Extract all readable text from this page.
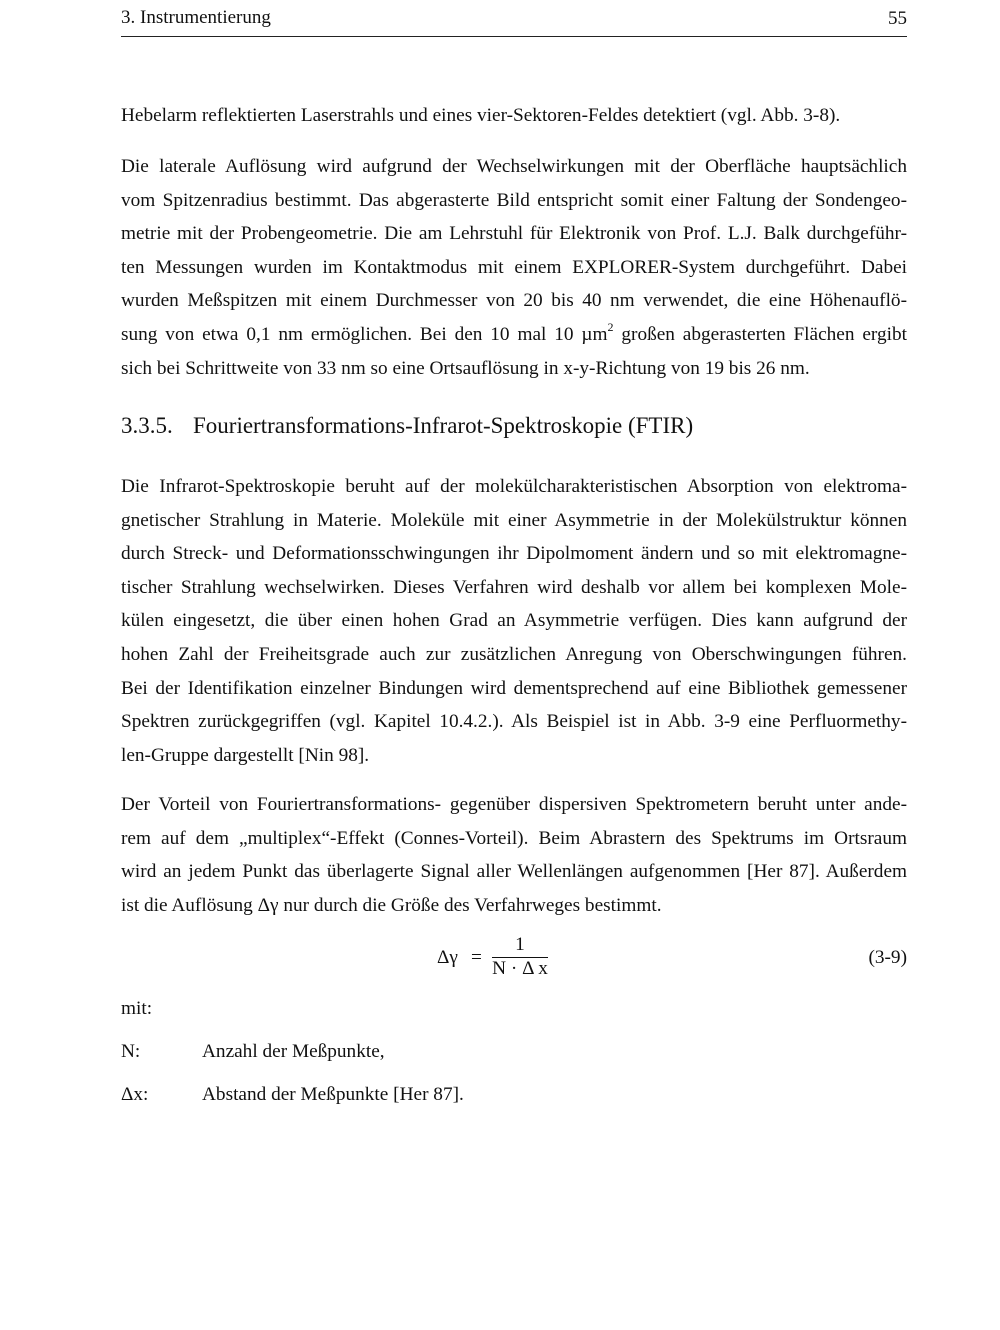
3. Instrumentierung	55

Hebelarm reflektierten Laserstrahls und eines vier-Sektoren-Feldes detektiert (vgl. Abb. 3-8).

Die laterale Auflösung wird aufgrund der Wechselwirkungen mit der Oberfläche hauptsächlich
vom Spitzenradius bestimmt. Das abgerasterte Bild entspricht somit einer Faltung der Sondengeo-
metrie mit der Probengeometrie. Die am Lehrstuhl für Elektronik von Prof. L.J. Balk durchgeführ-
ten Messungen wurden im Kontaktmodus mit einem EXPLORER-System durchgeführt. Dabei
wurden Meßspitzen mit einem Durchmesser von 20 bis 40 nm verwendet, die eine Höhenauflö-
sung von etwa 0,1 nm ermöglichen. Bei den 10 mal 10 µm$^2$ großen abgerasterten Flächen ergibt
sich bei Schrittweite von 33 nm so eine Ortsauflösung in x-y-Richtung von 19 bis 26 nm.

3.3.5. Fouriertransformations-Infrarot-Spektroskopie (FTIR)

Die Infrarot-Spektroskopie beruht auf der molekülcharakteristischen Absorption von elektroma-
gnetischer Strahlung in Materie. Moleküle mit einer Asymmetrie in der Molekülstruktur können
durch Streck- und Deformationsschwingungen ihr Dipolmoment ändern und so mit elektromagne-
tischer Strahlung wechselwirken. Dieses Verfahren wird deshalb vor allem bei komplexen Mole-
külen eingesetzt, die über einen hohen Grad an Asymmetrie verfügen. Dies kann aufgrund der
hohen Zahl der Freiheitsgrade auch zur zusätzlichen Anregung von Oberschwingungen führen.
Bei der Identifikation einzelner Bindungen wird dementsprechend auf eine Bibliothek gemessener
Spektren zurückgegriffen (vgl. Kapitel 10.4.2.). Als Beispiel ist in Abb. 3-9 eine Perfluormethy-
len-Gruppe dargestellt [Nin 98].

Der Vorteil von Fouriertransformations- gegenüber dispersiven Spektrometern beruht unter ande-
rem auf dem „multiplex“-Effekt (Connes-Vorteil). Beim Abrastern des Spektrums im Ortsraum
wird an jedem Punkt das überlagerte Signal aller Wellenlängen aufgenommen [Her 87]. Außerdem
ist die Auflösung Δγ nur durch die Größe des Verfahrweges bestimmt.

$\Delta\gamma = \frac{1}{\text{N · Δ x}}$	(3-9)
mit:
N:	Anzahl der Meßpunkte,
Δx:	Abstand der Meßpunkte [Her 87].
